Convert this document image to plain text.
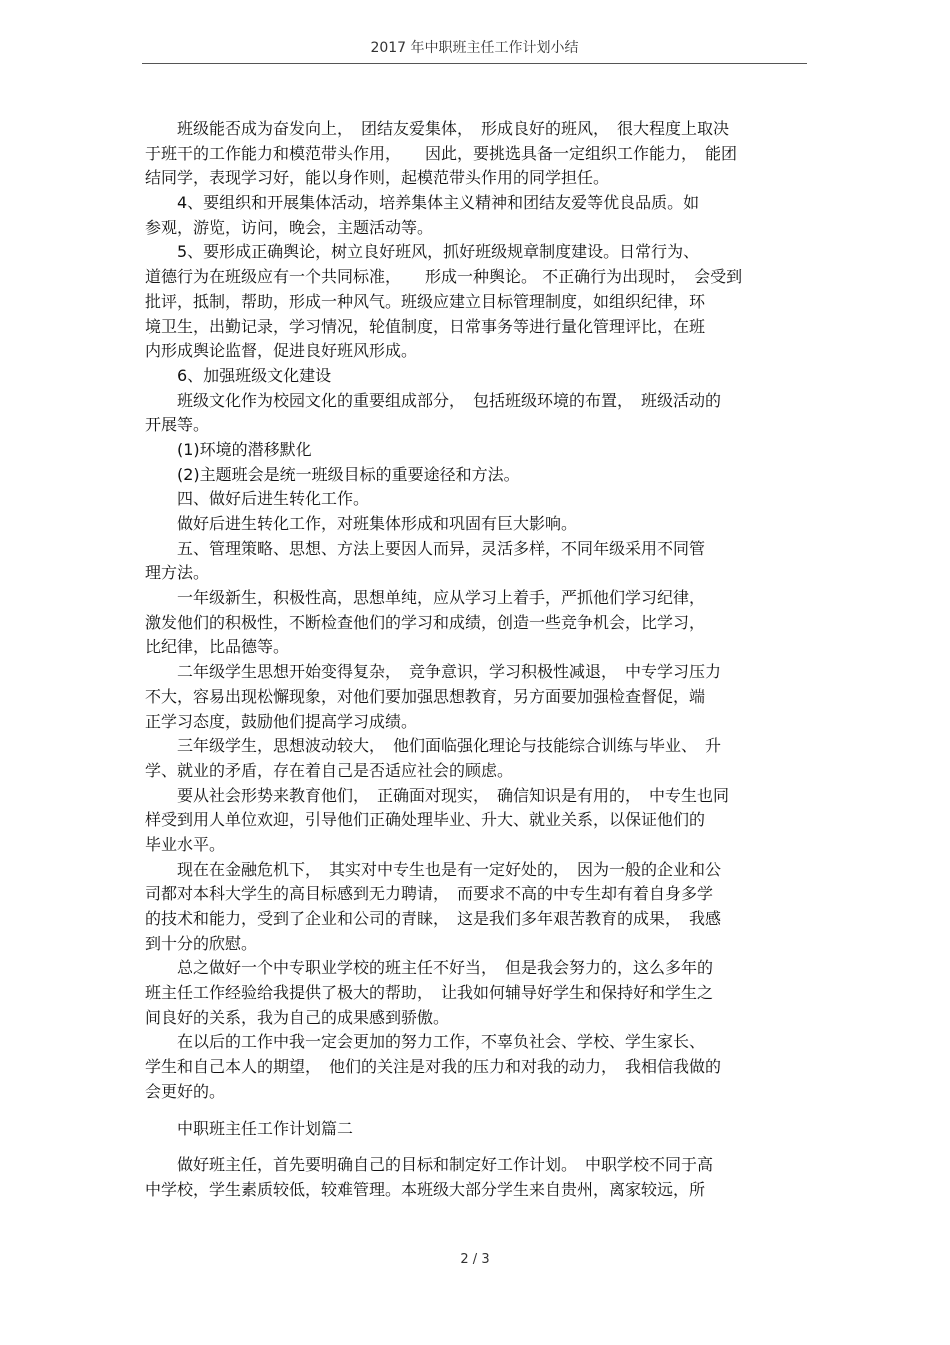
2017 年中职班主任工作计划小结
　　班级能否成为奋发向上，　团结友爱集体，　形成良好的班风，　很大程度上取决
于班干的工作能力和模范带头作用，　　因此，要挑选具备一定组织工作能力，　能团
结同学，表现学习好，能以身作则，起模范带头作用的同学担任。
　　4、要组织和开展集体活动，培养集体主义精神和团结友爱等优良品质。如
参观，游览，访问，晚会，主题活动等。
　　5、要形成正确舆论，树立良好班风，抓好班级规章制度建设。日常行为、
道德行为在班级应有一个共同标准，　　形成一种舆论。 不正确行为出现时，　会受到
批评，抵制，帮助，形成一种风气。班级应建立目标管理制度，如组织纪律，环
境卫生，出勤记录，学习情况，轮值制度，日常事务等进行量化管理评比，在班
内形成舆论监督，促进良好班风形成。
　　6、加强班级文化建设
　　班级文化作为校园文化的重要组成部分，　包括班级环境的布置，　班级活动的
开展等。
　　(1)环境的潜移默化
　　(2)主题班会是统一班级目标的重要途径和方法。
　　四、做好后进生转化工作。
　　做好后进生转化工作，对班集体形成和巩固有巨大影响。
　　五、管理策略、思想、方法上要因人而异，灵活多样，不同年级采用不同管
理方法。
　　一年级新生，积极性高，思想单纯，应从学习上着手，严抓他们学习纪律，
激发他们的积极性，不断检查他们的学习和成绩，创造一些竞争机会，比学习，
比纪律，比品德等。
　　二年级学生思想开始变得复杂，　竞争意识，学习积极性减退，　中专学习压力
不大，容易出现松懈现象，对他们要加强思想教育，另方面要加强检查督促，端
正学习态度，鼓励他们提高学习成绩。
　　三年级学生，思想波动较大，　他们面临强化理论与技能综合训练与毕业、　升
学、就业的矛盾，存在着自己是否适应社会的顾虑。
　　要从社会形势来教育他们，　正确面对现实，　确信知识是有用的，　中专生也同
样受到用人单位欢迎，引导他们正确处理毕业、升大、就业关系，以保证他们的
毕业水平。
　　现在在金融危机下，　其实对中专生也是有一定好处的，　因为一般的企业和公
司都对本科大学生的高目标感到无力聘请，　而要求不高的中专生却有着自身多学
的技术和能力，受到了企业和公司的青睐，　这是我们多年艰苦教育的成果，　我感
到十分的欣慰。
　　总之做好一个中专职业学校的班主任不好当，　但是我会努力的，这么多年的
班主任工作经验给我提供了极大的帮助，　让我如何辅导好学生和保持好和学生之
间良好的关系，我为自己的成果感到骄傲。
　　在以后的工作中我一定会更加的努力工作，不辜负社会、学校、学生家长、
学生和自己本人的期望，　他们的关注是对我的压力和对我的动力，　我相信我做的
会更好的。
　　中职班主任工作计划篇二
　　做好班主任，首先要明确自己的目标和制定好工作计划。　中职学校不同于高
中学校，学生素质较低，较难管理。本班级大部分学生来自贵州，离家较远，所
2 / 3
